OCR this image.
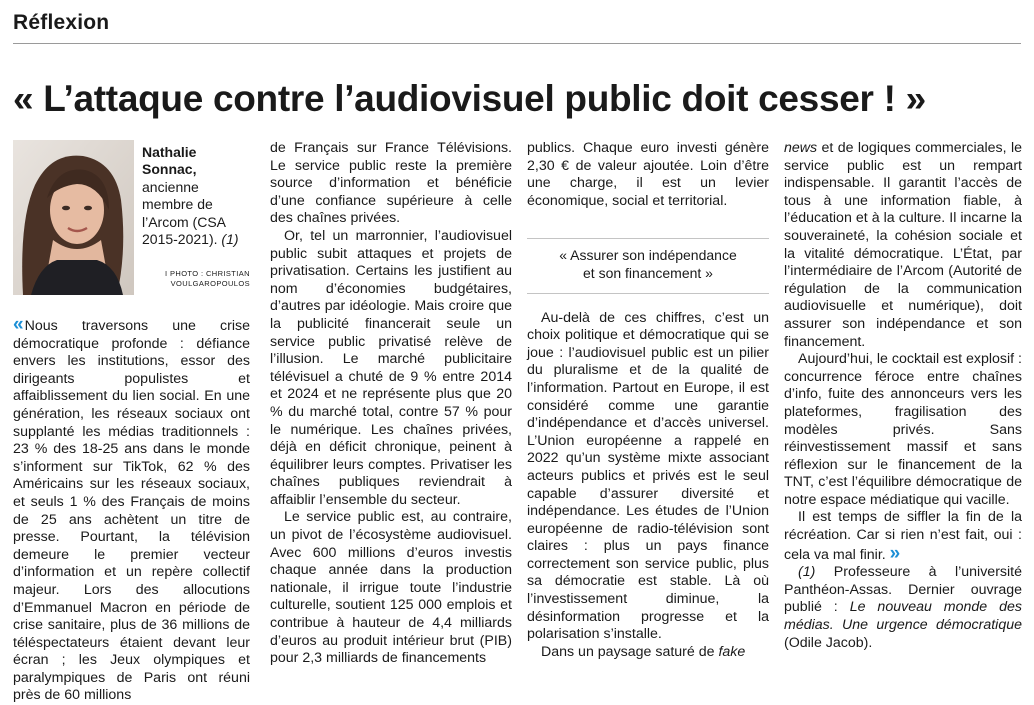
Réflexion
« L’attaque contre l’audiovisuel public doit cesser ! »
Nathalie Sonnac,
ancienne membre de l’Arcom (CSA 2015-2021). (1)
I PHOTO : CHRISTIAN
VOULGAROPOULOS

« Nous traversons une crise démocratique profonde : défiance envers les institutions, essor des dirigeants populistes et affaiblissement du lien social. En une génération, les réseaux sociaux ont supplanté les médias traditionnels : 23 % des 18-25 ans dans le monde s’informent sur TikTok, 62 % des Américains sur les réseaux sociaux, et seuls 1 % des Français de moins de 25 ans achètent un titre de presse. Pourtant, la télévision demeure le premier vecteur d’information et un repère collectif majeur. Lors des allocutions d’Emmanuel Macron en période de crise sanitaire, plus de 36 millions de téléspectateurs étaient devant leur écran ; les Jeux olympiques et paralympiques de Paris ont réuni près de 60 millions

de Français sur France Télévisions. Le service public reste la première source d’information et bénéficie d’une confiance supérieure à celle des chaînes privées.

Or, tel un marronnier, l’audiovisuel public subit attaques et projets de privatisation. Certains les justifient au nom d’économies budgétaires, d’autres par idéologie. Mais croire que la publicité financerait seule un service public privatisé relève de l’illusion. Le marché publicitaire télévisuel a chuté de 9 % entre 2014 et 2024 et ne représente plus que 20 % du marché total, contre 57 % pour le numérique. Les chaînes privées, déjà en déficit chronique, peinent à équilibrer leurs comptes. Privatiser les chaînes publiques reviendrait à affaiblir l’ensemble du secteur.

Le service public est, au contraire, un pivot de l’écosystème audiovisuel. Avec 600 millions d’euros investis chaque année dans la production nationale, il irrigue toute l’industrie culturelle, soutient 125 000 emplois et contribue à hauteur de 4,4 milliards d’euros au produit intérieur brut (PIB) pour 2,3 milliards de financements

publics. Chaque euro investi génère 2,30 € de valeur ajoutée. Loin d’être une charge, il est un levier économique, social et territorial.

« Assurer son indépendance
et son financement »

Au-delà de ces chiffres, c’est un choix politique et démocratique qui se joue : l’audiovisuel public est un pilier du pluralisme et de la qualité de l’information. Partout en Europe, il est considéré comme une garantie d’indépendance et d’accès universel. L’Union européenne a rappelé en 2022 qu’un système mixte associant acteurs publics et privés est le seul capable d’assurer diversité et indépendance. Les études de l’Union européenne de radio-télévision sont claires : plus un pays finance correctement son service public, plus sa démocratie est stable. Là où l’investissement diminue, la désinformation progresse et la polarisation s’installe.

Dans un paysage saturé de fake

news et de logiques commerciales, le service public est un rempart indispensable. Il garantit l’accès de tous à une information fiable, à l’éducation et à la culture. Il incarne la souveraineté, la cohésion sociale et la vitalité démocratique. L’État, par l’intermédiaire de l’Arcom (Autorité de régulation de la communication audiovisuelle et numérique), doit assurer son indépendance et son financement.

Aujourd’hui, le cocktail est explosif : concurrence féroce entre chaînes d’info, fuite des annonceurs vers les plateformes, fragilisation des modèles privés. Sans réinvestissement massif et sans réflexion sur le financement de la TNT, c’est l’équilibre démocratique de notre espace médiatique qui vacille.

Il est temps de siffler la fin de la récréation. Car si rien n’est fait, oui : cela va mal finir. »

(1) Professeure à l’université Panthéon-Assas. Dernier ouvrage publié : Le nouveau monde des médias. Une urgence démocratique (Odile Jacob).
